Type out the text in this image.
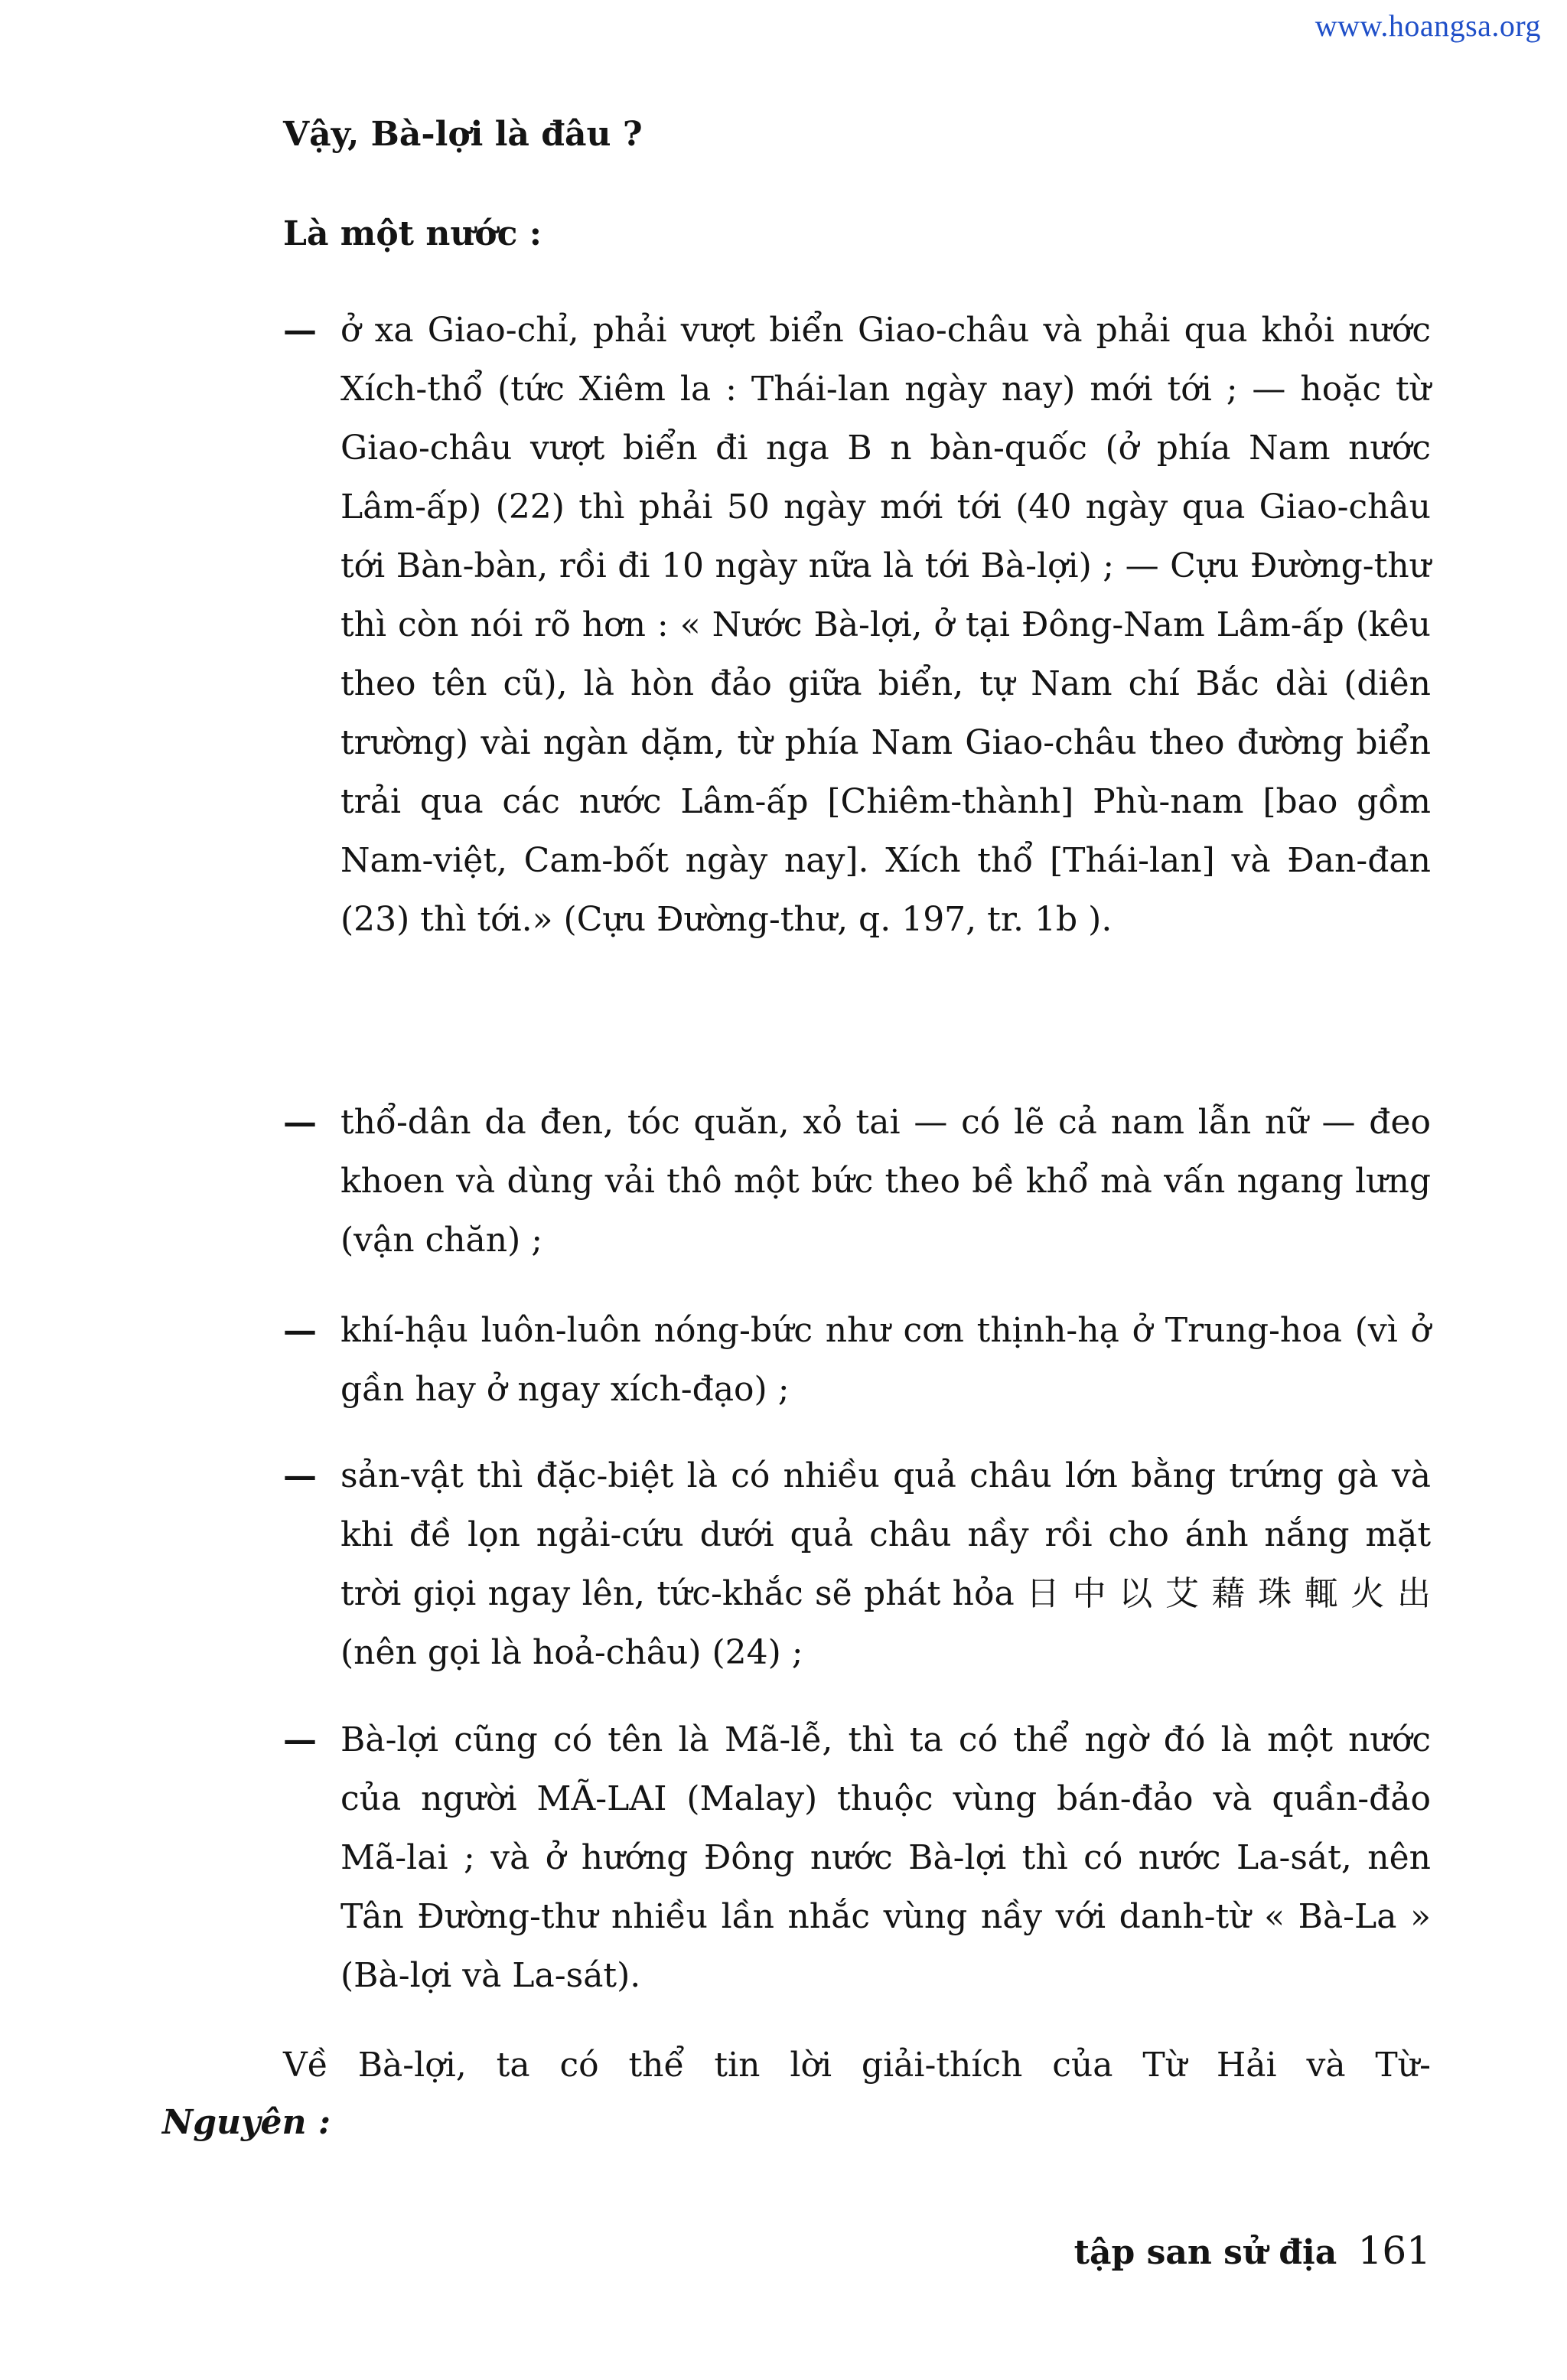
www.hoangsa.org
Vậy, Bà-lợi là đâu ?
Là một nước :
— ở xa Giao-chỉ, phải vượt biển Giao-châu và phải qua khỏi nước Xích-thổ (tức Xiêm la : Thái-lan ngày nay) mới tới ; — hoặc từ Giao-châu vượt biển đi nga B n bàn-quốc (ở phía Nam nước Lâm-ấp) (22) thì phải 50 ngày mới tới (40 ngày qua Giao-châu tới Bàn-bàn, rồi đi 10 ngày nữa là tới Bà-lợi) ; — Cựu Đường-thư thì còn nói rõ hơn : « Nước Bà-lợi, ở tại Đông-Nam Lâm-ấp (kêu theo tên cũ), là hòn đảo giữa biển, tự Nam chí Bắc dài (diên trường) vài ngàn dặm, từ phía Nam Giao-châu theo đường biển trải qua các nước Lâm-ấp [Chiêm-thành] Phù-nam [bao gồm Nam-việt, Cam-bốt ngày nay]. Xích thổ [Thái-lan] và Đan-đan (23) thì tới.» (Cựu Đường-thư, q. 197, tr. 1b ).
— thổ-dân da đen, tóc quăn, xỏ tai — có lẽ cả nam lẫn nữ — đeo khoen và dùng vải thô một bức theo bề khổ mà vấn ngang lưng (vận chăn) ;
— khí-hậu luôn-luôn nóng-bức như cơn thịnh-hạ ở Trung-hoa (vì ở gần hay ở ngay xích-đạo) ;
— sản-vật thì đặc-biệt là có nhiều quả châu lớn bằng trứng gà và khi đề lọn ngải-cứu dưới quả châu nầy rồi cho ánh nắng mặt trời giọi ngay lên, tức-khắc sẽ phát hỏa 日 中 以 艾 藉 珠 輒 火 出 (nên gọi là hoả-châu) (24) ;
— Bà-lợi cũng có tên là Mã-lễ, thì ta có thể ngờ đó là một nước của người MÃ-LAI (Malay) thuộc vùng bán-đảo và quần-đảo Mã-lai ; và ở hướng Đông nước Bà-lợi thì có nước La-sát, nên Tân Đường-thư nhiều lần nhắc vùng nầy với danh-từ « Bà-La » (Bà-lợi và La-sát).
Về Bà-lợi, ta có thể tin lời giải-thích của Từ Hải và Từ-
Nguyên :
tập san sử địa 161
